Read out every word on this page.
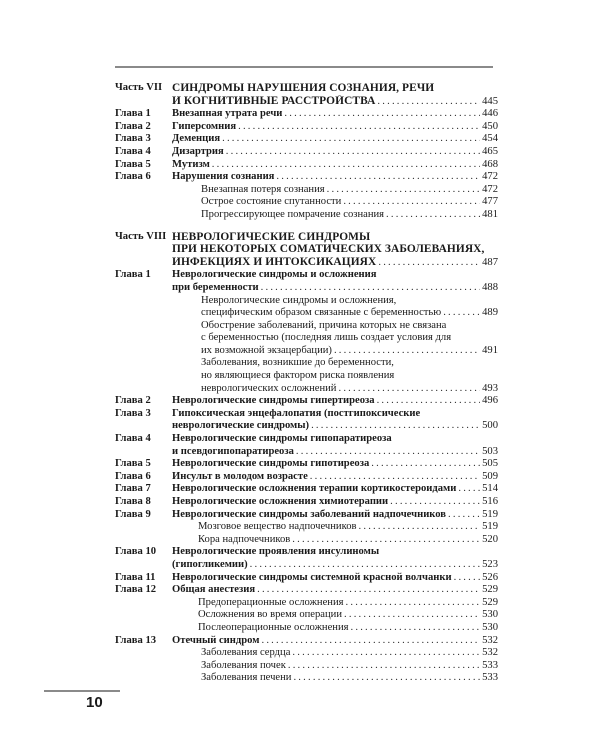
Часть VII СИНДРОМЫ НАРУШЕНИЯ СОЗНАНИЯ, РЕЧИ
И КОГНИТИВНЫЕ РАССТРОЙСТВА .....	445
Глава 1	Внезапная утрата речи .....	446
Глава 2	Гиперсомния .....	450
Глава 3	Деменция .....	454
Глава 4	Дизартрия .....	465
Глава 5	Мутизм .....	468
Глава 6	Нарушения сознания .....	472
Внезапная потеря сознания .....	472
Острое состояние спутанности .....	477
Прогрессирующее помрачение сознания .....	481
Часть VIII НЕВРОЛОГИЧЕСКИЕ СИНДРОМЫ
ПРИ НЕКОТОРЫХ СОМАТИЧЕСКИХ ЗАБОЛЕВАНИЯХ,
ИНФЕКЦИЯХ И ИНТОКСИКАЦИЯХ .....	487
Глава 1	Неврологические синдромы и осложнения
при беременности .....	488
Неврологические синдромы и осложнения,
специфическим образом связанные с беременностью .....	489
Обострение заболеваний, причина которых не связана
с беременностью (последняя лишь создает условия для
их возможной экзацербации) .....	491
Заболевания, возникшие до беременности,
но являющиеся фактором риска появления
неврологических осложнений .....	493
Глава 2	Неврологические синдромы гипертиреоза .....	496
Глава 3	Гипоксическая энцефалопатия (постгипоксические
неврологические синдромы) .....	500
Глава 4	Неврологические синдромы гипопаратиреоза
и псевдогипопаратиреоза .....	503
Глава 5	Неврологические синдромы гипотиреоза .....	505
Глава 6	Инсульт в молодом возрасте .....	509
Глава 7	Неврологические осложнения терапии кортикостероидами ..... 514
Глава 8	Неврологические осложнения химиотерапии .....	516
Глава 9	Неврологические синдромы заболеваний надпочечников .....	519
Мозговое вещество надпочечников .....	519
Кора надпочечников .....	520
Глава 10	Неврологические проявления инсулиномы
(гипогликемии) .....	523
Глава 11	Неврологические синдромы системной красной волчанки .....	526
Глава 12	Общая анестезия .....	529
Предоперационные осложнения .....	529
Осложнения во время операции .....	530
Послеоперационные осложнения .....	530
Глава 13	Отечный синдром .....	532
Заболевания сердца .....	532
Заболевания почек .....	533
Заболевания печени .....	533
10
